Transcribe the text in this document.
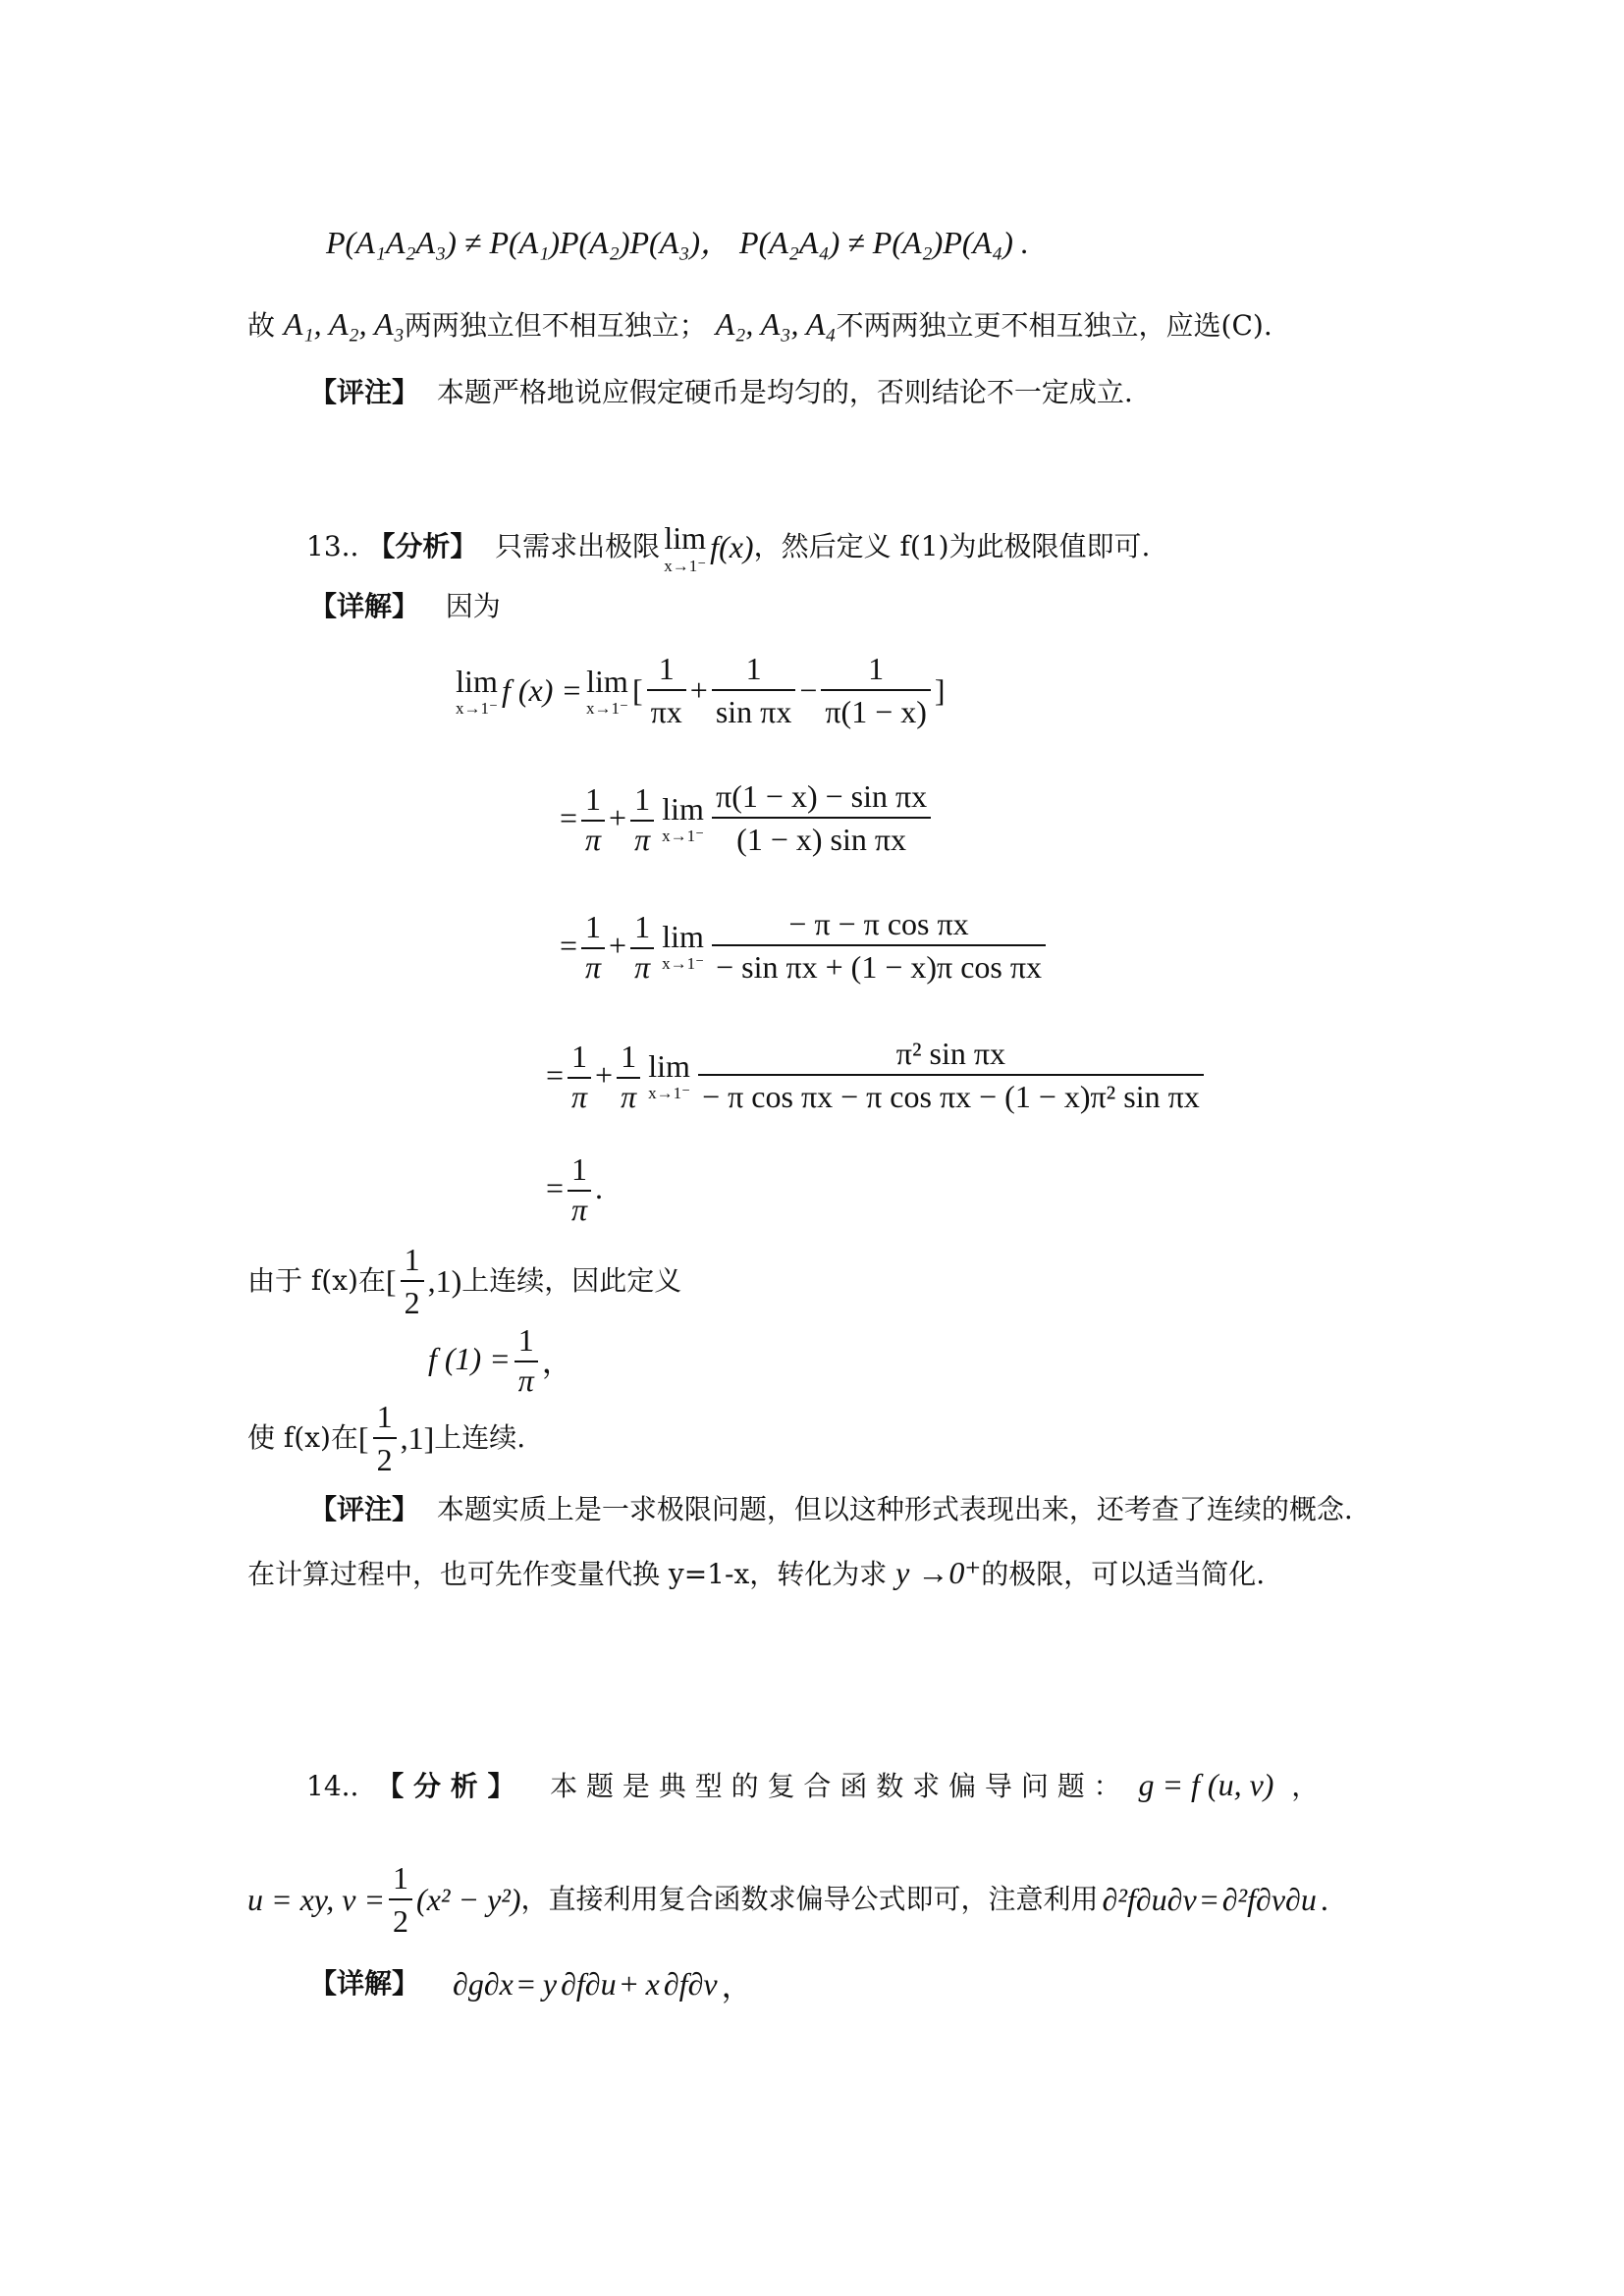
P(A₁A₂A₃) ≠ P(A₁)P(A₂)P(A₃)， P(A₂A₄) ≠ P(A₂)P(A₄) .
故 A₁, A₂, A₃两两独立但不相互独立； A₂, A₃, A₄不两两独立更不相互独立，应选(C).
【评注】 本题严格地说应假定硬币是均匀的，否则结论不一定成立.
13..
【分析】
只需求出极限 lim
x→1⁻
f(x) ，然后定义 f(1)为此极限值即可.
【详解】 因为
lim
x→1⁻
f (x) = lim
x→1⁻
[ $\frac{1}{\pi x} + \frac{1}{\text{sin πx}} - \frac{1}{\pi(1 - x)}$ ]
= $\frac{1}{\pi} + \frac{1}{\pi}$ lim
$x\to 1^- \frac{\text{π(1 − x) − sin πx}}{\text{(1 − x) sin πx}}$
= $\frac{1}{\pi} + \frac{1}{\pi}$ lim
$x\to 1^- \frac{\text{− π − π cos πx}}{\text{− sin πx + (1 − x)π cos πx}}$
= $\frac{1}{\pi} + \frac{1}{\pi}$ lim
$x\to 1^- \frac{\text{π² sin πx}}{\text{− π cos πx − π cos πx − (1 − x)π² sin πx}}$
= $\frac{1}{\pi}$ .
由于 f(x)在 [ $\frac{1}{2} ,1$) 上连续，因此定义
f $(1) = \frac{1}{\pi}$ ，
使 f(x)在 [ $\frac{1}{2} ,1$] 上连续.
【评注】 本题实质上是一求极限问题，但以这种形式表现出来，还考查了连续的概念.
在计算过程中，也可先作变量代换 y=1-x，转化为求 y →0⁺的极限，可以适当简化.
14.. 【 分 析 】 本 题 是 典 型 的 复 合 函 数 求 偏 导 问 题 ： g = f (u, v) ，
u = xy, $v = \frac{1}{2} (x^2 - y^2)$ ，直接利用复合函数求偏导公式即可，注意利用 ∂²f∂u∂v = ∂²f∂v∂u .
【详解】 ∂g∂x = y ∂f∂u + x ∂f∂v ，
